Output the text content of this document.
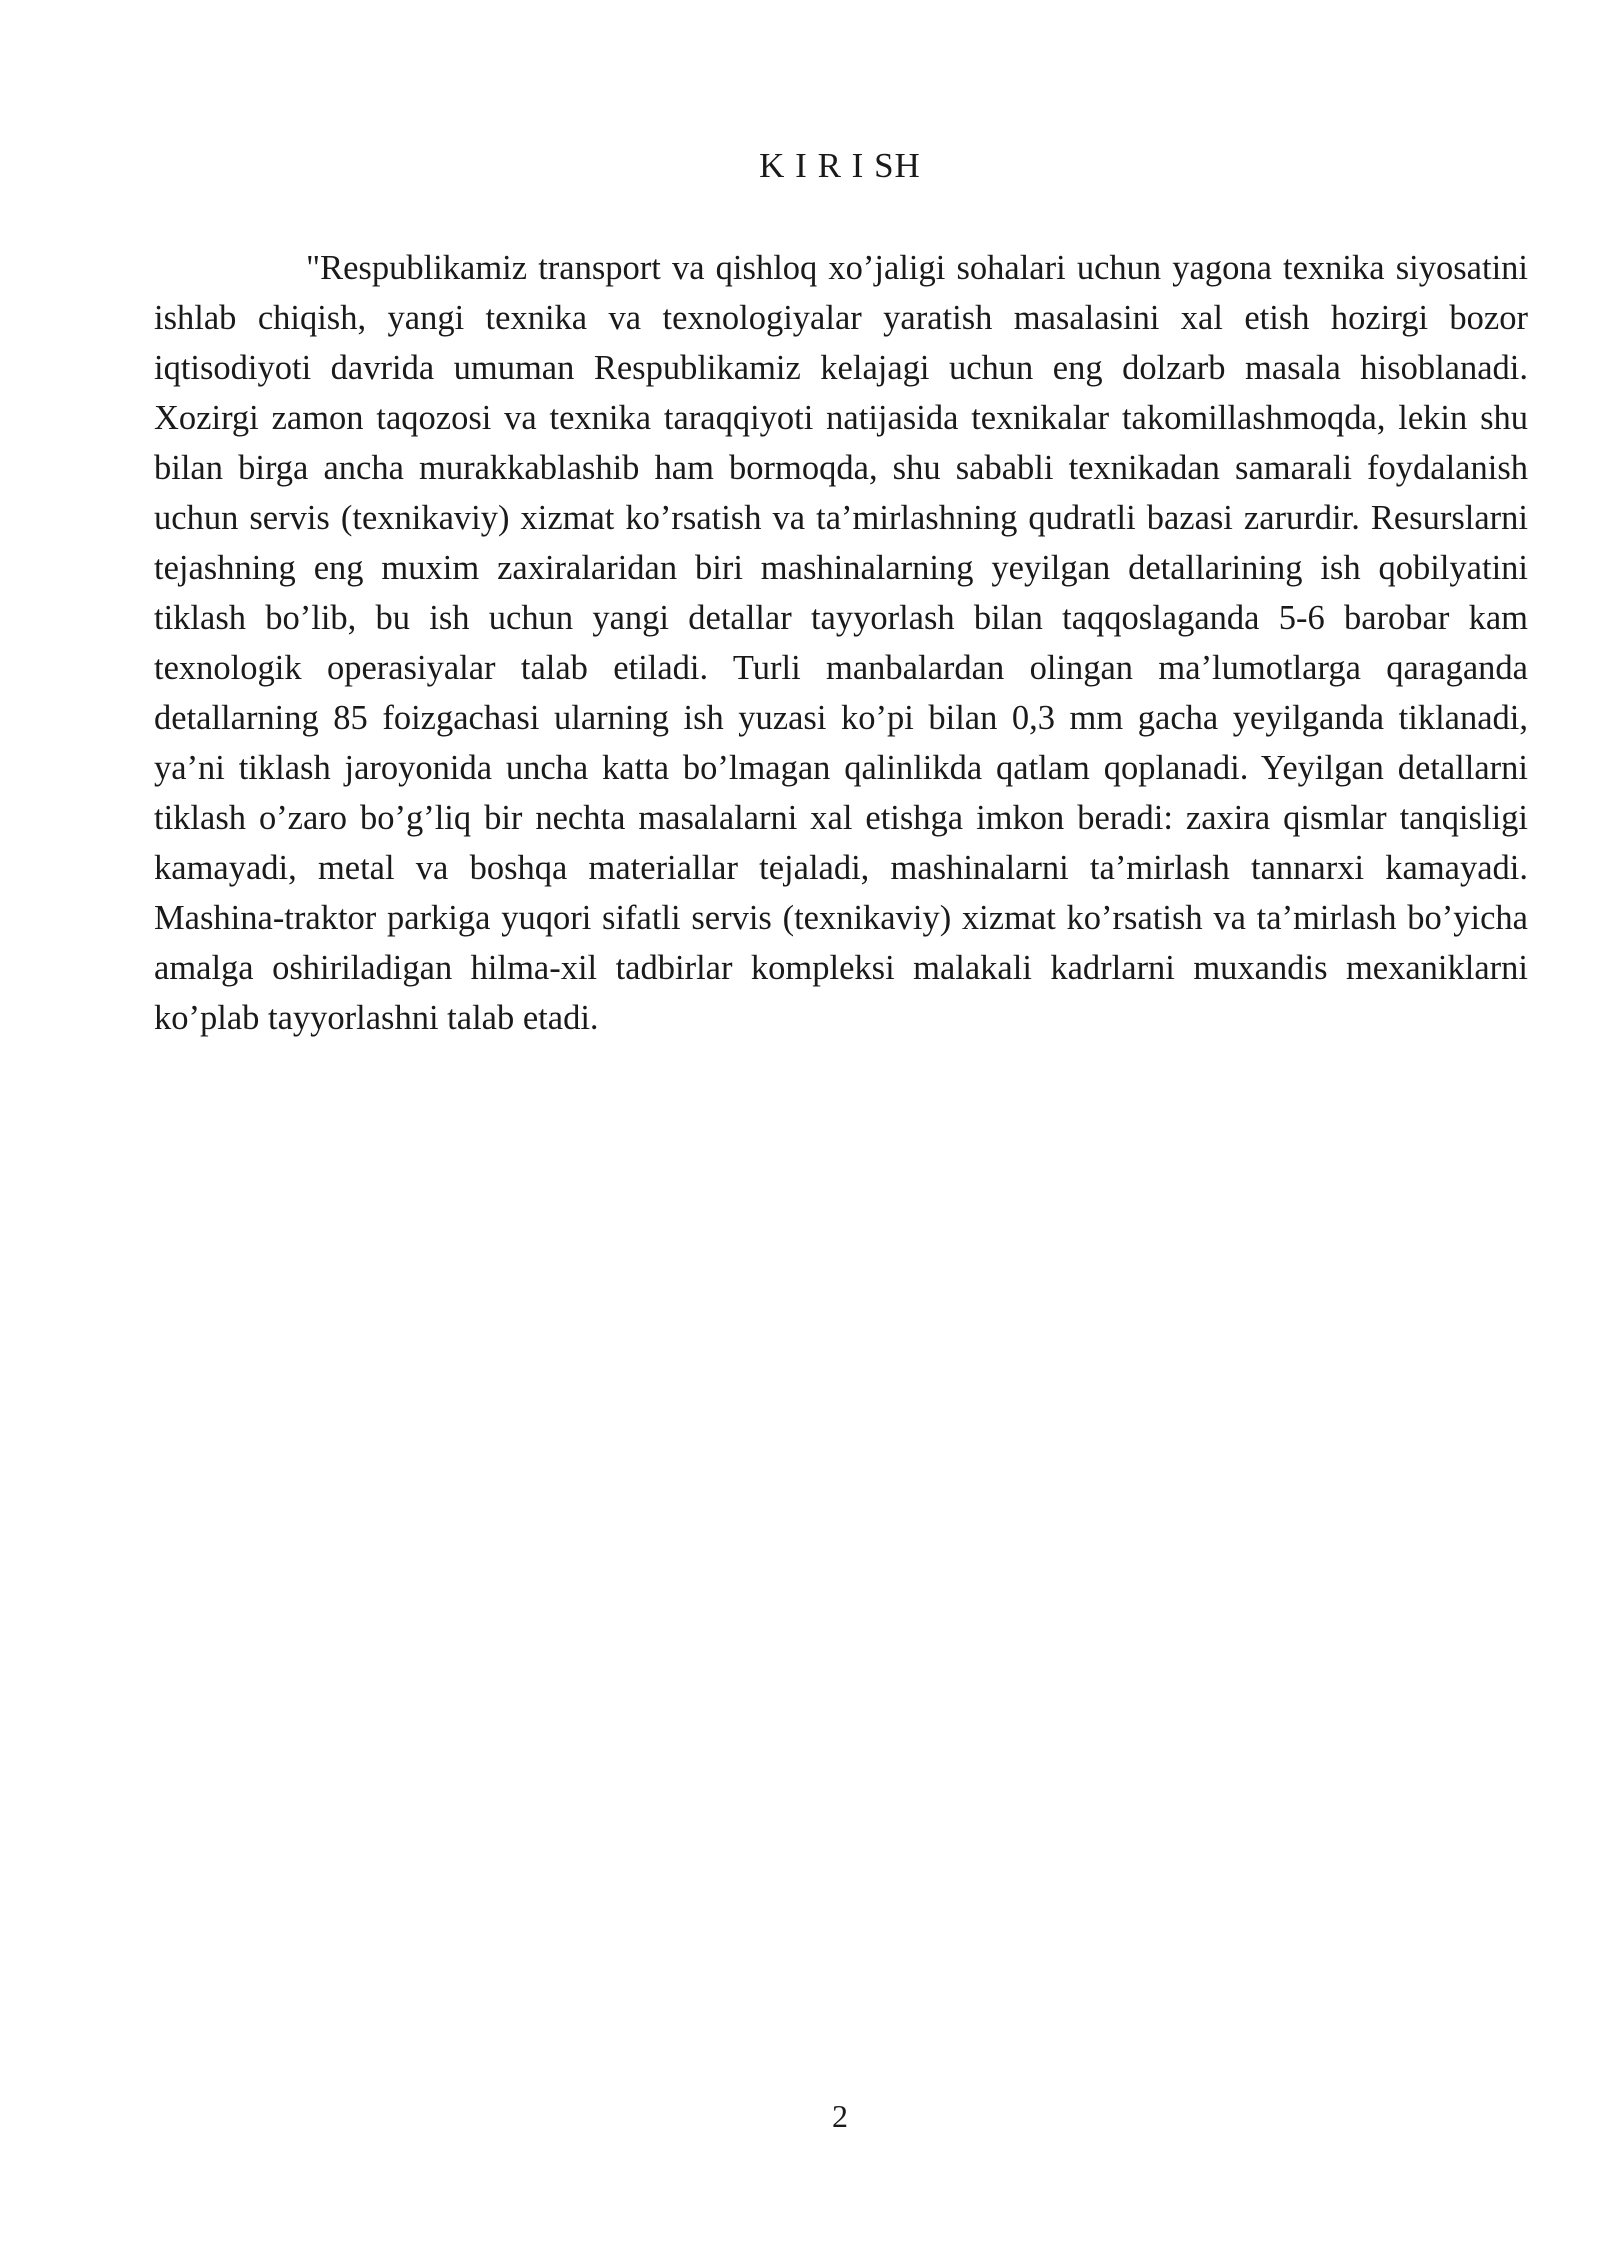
K I R I SH

"Respublikamiz transport va qishloq xo’jaligi sohalari uchun yagona texnika siyosatini ishlab chiqish, yangi texnika va texnologiyalar yaratish masalasini xal etish hozirgi bozor iqtisodiyoti davrida umuman Respublikamiz kelajagi uchun eng dolzarb masala hisoblanadi. Xozirgi zamon taqozosi va texnika taraqqiyoti natijasida texnikalar takomillashmoqda, lekin shu bilan birga ancha murakkablashib ham bormoqda, shu sababli texnikadan samarali foydalanish uchun servis (texnikaviy) xizmat ko’rsatish va ta’mirlashning qudratli bazasi zarurdir. Resurslarni tejashning eng muxim zaxiralaridan biri mashinalarning yeyilgan detallarining ish qobilyatini tiklash bo’lib, bu ish uchun yangi detallar tayyorlash bilan taqqoslaganda 5-6 barobar kam texnologik operasiyalar talab etiladi. Turli manbalardan olingan ma’lumotlarga qaraganda detallarning 85 foizgachasi ularning ish yuzasi ko’pi bilan 0,3 mm gacha yeyilganda tiklanadi, ya’ni tiklash jaroyonida uncha katta bo’lmagan qalinlikda qatlam qoplanadi. Yeyilgan detallarni tiklash o’zaro bo’g’liq bir nechta masalalarni xal etishga imkon beradi: zaxira qismlar tanqisligi kamayadi, metal va boshqa materiallar tejaladi, mashinalarni ta’mirlash tannarxi kamayadi. Mashina-traktor parkiga yuqori sifatli servis (texnikaviy) xizmat ko’rsatish va ta’mirlash bo’yicha amalga oshiriladigan hilma-xil tadbirlar kompleksi malakali kadrlarni muxandis mexaniklarni ko’plab tayyorlashni talab etadi.

2
